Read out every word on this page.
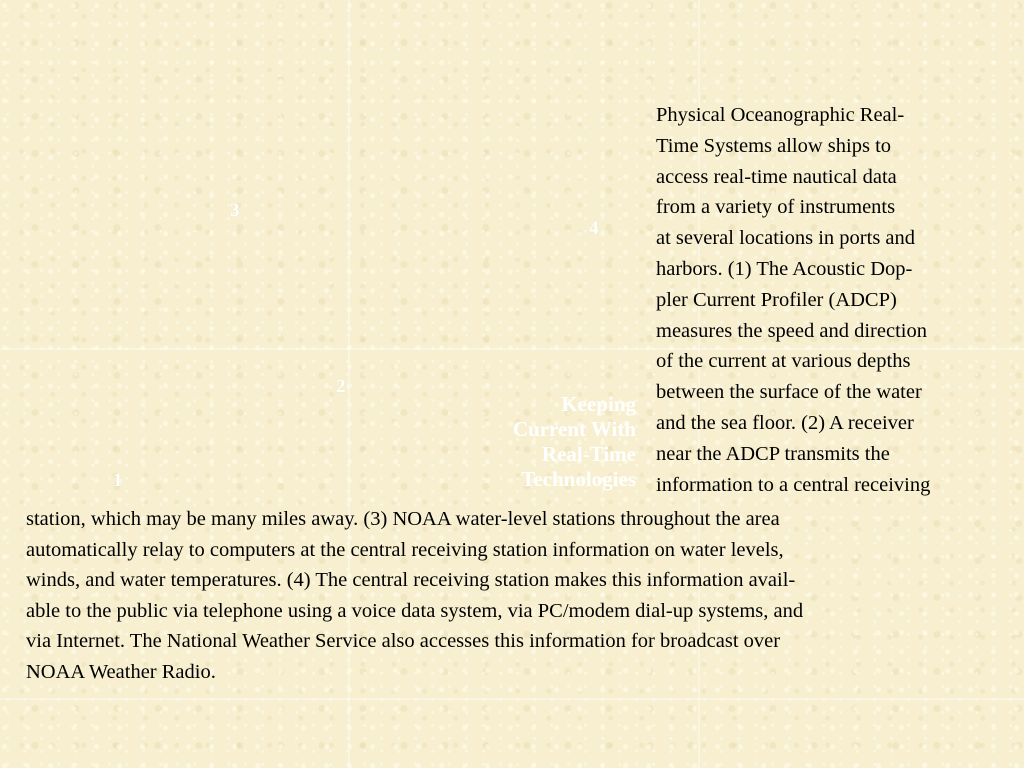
3
4
2
1
Keeping
Current With
Real-Time
Technologies

Physical Oceanographic Real-
Time Systems allow ships to
access real-time nautical data
from a variety of instruments
at several locations in ports and
harbors. (1) The Acoustic Dop-
pler Current Profiler (ADCP)
measures the speed and direction
of the current at various depths
between the surface of the water
and the sea floor. (2) A receiver
near the ADCP transmits the
information to a central receiving

station, which may be many miles away. (3) NOAA water-level stations throughout the area
automatically relay to computers at the central receiving station information on water levels,
winds, and water temperatures. (4) The central receiving station makes this information avail-
able to the public via telephone using a voice data system, via PC/modem dial-up systems, and
via Internet. The National Weather Service also accesses this information for broadcast over
NOAA Weather Radio.
